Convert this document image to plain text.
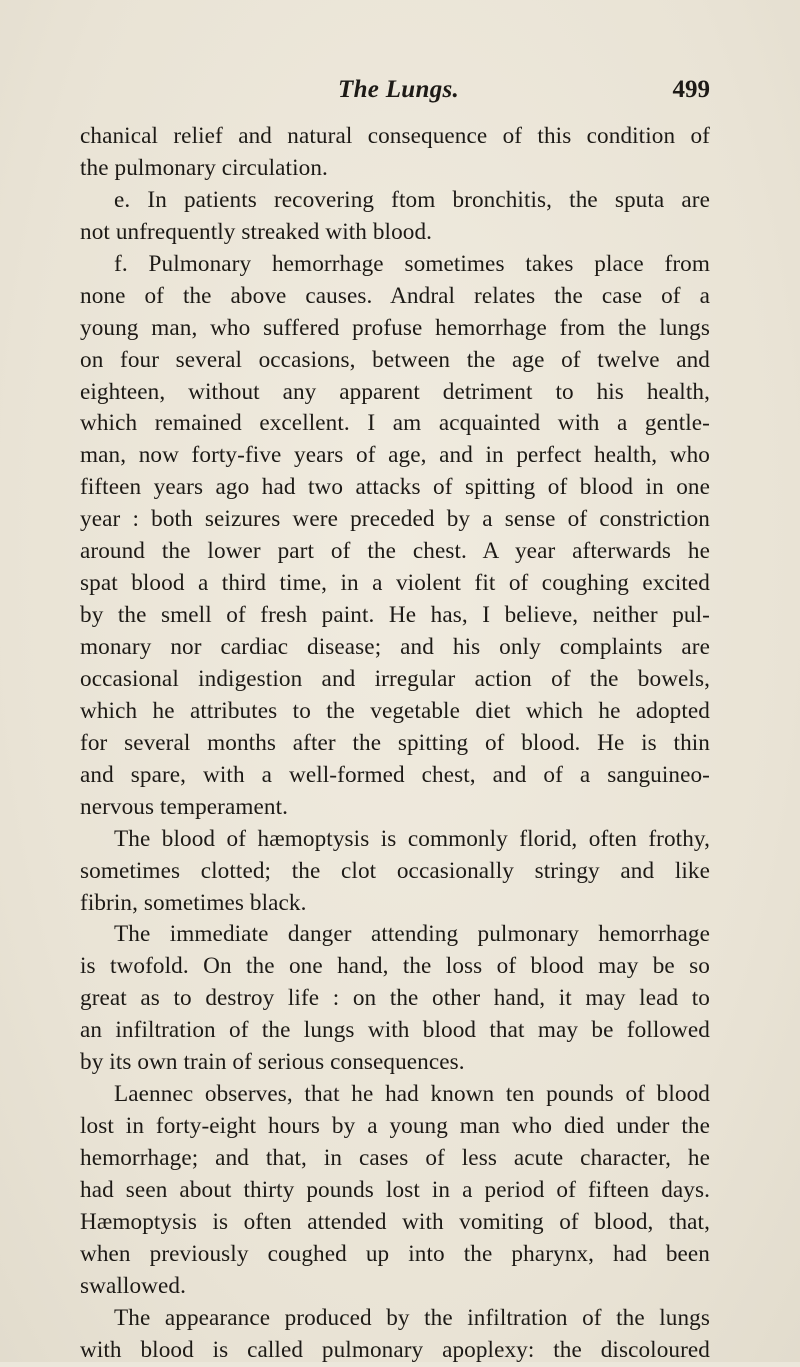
The Lungs.	499
chanical relief and natural consequence of this condition of
the pulmonary circulation.
e. In patients recovering ftom bronchitis, the sputa are
not unfrequently streaked with blood.
f. Pulmonary hemorrhage sometimes takes place from
none of the above causes. Andral relates the case of a
young man, who suffered profuse hemorrhage from the lungs
on four several occasions, between the age of twelve and
eighteen, without any apparent detriment to his health,
which remained excellent. I am acquainted with a gentle-
man, now forty-five years of age, and in perfect health, who
fifteen years ago had two attacks of spitting of blood in one
year : both seizures were preceded by a sense of constriction
around the lower part of the chest. A year afterwards he
spat blood a third time, in a violent fit of coughing excited
by the smell of fresh paint. He has, I believe, neither pul-
monary nor cardiac disease; and his only complaints are
occasional indigestion and irregular action of the bowels,
which he attributes to the vegetable diet which he adopted
for several months after the spitting of blood. He is thin
and spare, with a well-formed chest, and of a sanguineo-
nervous temperament.
The blood of hæmoptysis is commonly florid, often frothy,
sometimes clotted; the clot occasionally stringy and like
fibrin, sometimes black.
The immediate danger attending pulmonary hemorrhage
is twofold. On the one hand, the loss of blood may be so
great as to destroy life : on the other hand, it may lead to
an infiltration of the lungs with blood that may be followed
by its own train of serious consequences.
Laennec observes, that he had known ten pounds of blood
lost in forty-eight hours by a young man who died under the
hemorrhage; and that, in cases of less acute character, he
had seen about thirty pounds lost in a period of fifteen days.
Hæmoptysis is often attended with vomiting of blood, that,
when previously coughed up into the pharynx, had been
swallowed.
The appearance produced by the infiltration of the lungs
with blood is called pulmonary apoplexy: the discoloured
